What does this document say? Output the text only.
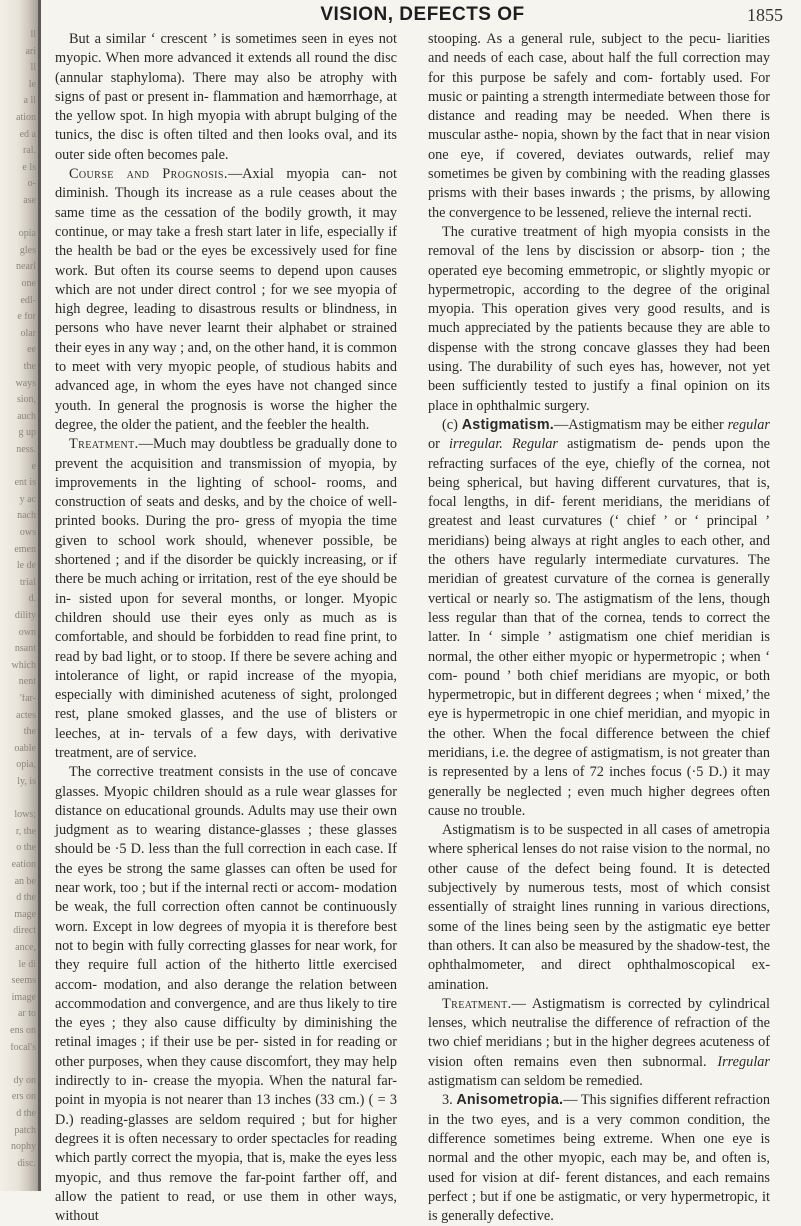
ll
ari
ll
le
a ll
ation
ed a
ral.
e ls
o-
ase
opia
gles
nearl
one
edl-
e for
olar
ee
the
ways
sion,
auch
g up
ness.
e
ent is
y ac
nach
ows
emen
le de
trial
d.
dility
own
nsant
which
nent
'far-
actes
the
oable
opia,
ly, is
lows;
r, the
o the
eation
an be
d the
mage
direct
ance,
le di
seems
image
ar to
ens on
focal's
dy on
ers on
d the
patch
nophy
disc.
VISION, DEFECTS OF	1855

But a similar ‘ crescent ’ is sometimes seen in eyes not myopic. When more advanced it extends all round the disc (annular staphyloma). There may also be atrophy with signs of past or present in- flammation and hæmorrhage, at the yellow spot. In high myopia with abrupt bulging of the tunics, the disc is often tilted and then looks oval, and its outer side often becomes pale.

Course and Prognosis.—Axial myopia can- not diminish. Though its increase as a rule ceases about the same time as the cessation of the bodily growth, it may continue, or may take a fresh start later in life, especially if the health be bad or the eyes be excessively used for fine work. But often its course seems to depend upon causes which are not under direct control ; for we see myopia of high degree, leading to disastrous results or blindness, in persons who have never learnt their alphabet or strained their eyes in any way ; and, on the other hand, it is common to meet with very myopic people, of studious habits and advanced age, in whom the eyes have not changed since youth. In general the prognosis is worse the higher the degree, the older the patient, and the feebler the health.

Treatment.—Much may doubtless be gradually done to prevent the acquisition and transmission of myopia, by improvements in the lighting of school- rooms, and construction of seats and desks, and by the choice of well-printed books. During the pro- gress of myopia the time given to school work should, whenever possible, be shortened ; and if the disorder be quickly increasing, or if there be much aching or irritation, rest of the eye should be in- sisted upon for several months, or longer. Myopic children should use their eyes only as much as is comfortable, and should be forbidden to read fine print, to read by bad light, or to stoop. If there be severe aching and intolerance of light, or rapid increase of the myopia, especially with diminished acuteness of sight, prolonged rest, plane smoked glasses, and the use of blisters or leeches, at in- tervals of a few days, with derivative treatment, are of service.

The corrective treatment consists in the use of concave glasses. Myopic children should as a rule wear glasses for distance on educational grounds. Adults may use their own judgment as to wearing distance-glasses ; these glasses should be ·5 D. less than the full correction in each case. If the eyes be strong the same glasses can often be used for near work, too ; but if the internal recti or accom- modation be weak, the full correction often cannot be continuously worn. Except in low degrees of myopia it is therefore best not to begin with fully correcting glasses for near work, for they require full action of the hitherto little exercised accom- modation, and also derange the relation between accommodation and convergence, and are thus likely to tire the eyes ; they also cause difficulty by diminishing the retinal images ; if their use be per- sisted in for reading or other purposes, when they cause discomfort, they may help indirectly to in- crease the myopia. When the natural far-point in myopia is not nearer than 13 inches (33 cm.) ( = 3 D.) reading-glasses are seldom required ; but for higher degrees it is often necessary to order spectacles for reading which partly correct the myopia, that is, make the eyes less myopic, and thus remove the far-point farther off, and allow the patient to read, or use them in other ways, without

stooping. As a general rule, subject to the pecu- liarities and needs of each case, about half the full correction may for this purpose be safely and com- fortably used. For music or painting a strength intermediate between those for distance and reading may be needed. When there is muscular asthe- nopia, shown by the fact that in near vision one eye, if covered, deviates outwards, relief may sometimes be given by combining with the reading glasses prisms with their bases inwards ; the prisms, by allowing the convergence to be lessened, relieve the internal recti.

The curative treatment of high myopia consists in the removal of the lens by discission or absorp- tion ; the operated eye becoming emmetropic, or slightly myopic or hypermetropic, according to the degree of the original myopia. This operation gives very good results, and is much appreciated by the patients because they are able to dispense with the strong concave glasses they had been using. The durability of such eyes has, however, not yet been sufficiently tested to justify a final opinion on its place in ophthalmic surgery.

(c) Astigmatism.—Astigmatism may be either regular or irregular. Regular astigmatism de- pends upon the refracting surfaces of the eye, chiefly of the cornea, not being spherical, but having different curvatures, that is, focal lengths, in dif- ferent meridians, the meridians of greatest and least curvatures (‘ chief ’ or ‘ principal ’ meridians) being always at right angles to each other, and the others have regularly intermediate curvatures. The meridian of greatest curvature of the cornea is generally vertical or nearly so. The astigmatism of the lens, though less regular than that of the cornea, tends to correct the latter. In ‘ simple ’ astigmatism one chief meridian is normal, the other either myopic or hypermetropic ; when ‘ com- pound ’ both chief meridians are myopic, or both hypermetropic, but in different degrees ; when ‘ mixed,’ the eye is hypermetropic in one chief meridian, and myopic in the other. When the focal difference between the chief meridians, i.e. the degree of astigmatism, is not greater than is represented by a lens of 72 inches focus (·5 D.) it may generally be neglected ; even much higher degrees often cause no trouble.

Astigmatism is to be suspected in all cases of ametropia where spherical lenses do not raise vision to the normal, no other cause of the defect being found. It is detected subjectively by numerous tests, most of which consist essentially of straight lines running in various directions, some of the lines being seen by the astigmatic eye better than others. It can also be measured by the shadow-test, the ophthalmometer, and direct ophthalmoscopical ex- amination.

Treatment.— Astigmatism is corrected by cylindrical lenses, which neutralise the difference of refraction of the two chief meridians ; but in the higher degrees acuteness of vision often remains even then subnormal. Irregular astigmatism can seldom be remedied.

3. Anisometropia.— This signifies different refraction in the two eyes, and is a very common condition, the difference sometimes being extreme. When one eye is normal and the other myopic, each may be, and often is, used for vision at dif- ferent distances, and each remains perfect ; but if one be astigmatic, or very hypermetropic, it is generally defective.
